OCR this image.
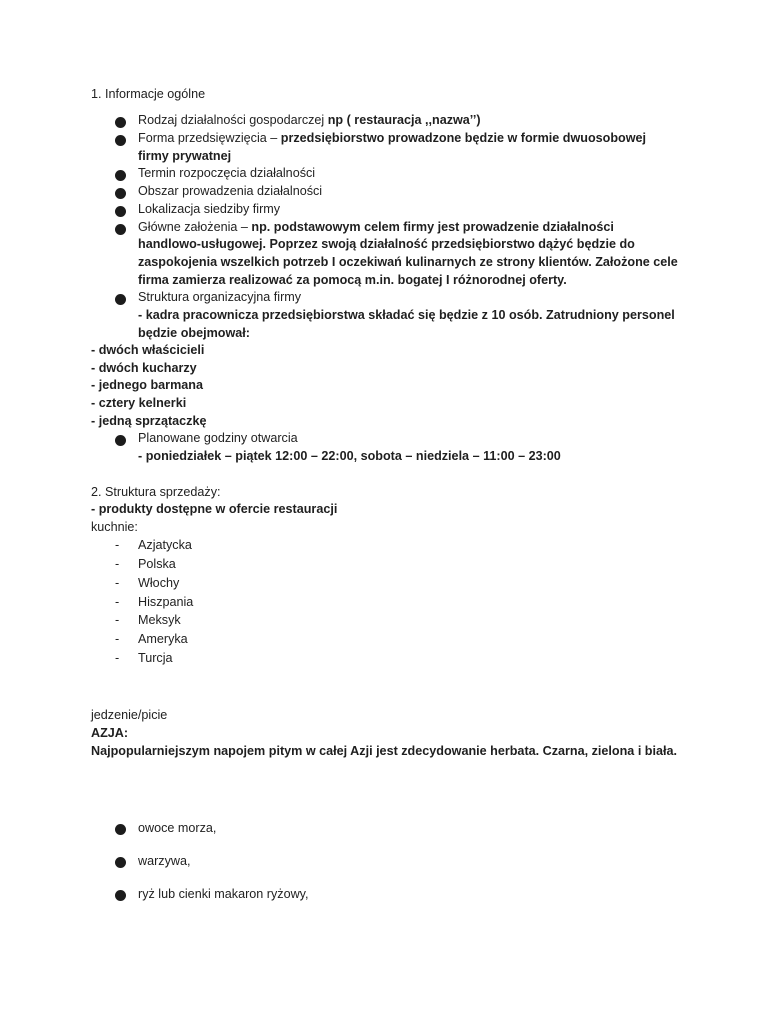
1. Informacje ogólne
Rodzaj działalności gospodarczej np ( restauracja ,,nazwa’’)
Forma przedsięwzięcia – przedsiębiorstwo prowadzone będzie w formie dwuosobowej
firmy prywatnej
Termin rozpoczęcia działalności
Obszar prowadzenia działalności
Lokalizacja siedziby firmy
Główne założenia – np. podstawowym celem firmy jest prowadzenie działalności
handlowo-usługowej. Poprzez swoją działalność przedsiębiorstwo dążyć będzie do
zaspokojenia wszelkich potrzeb I oczekiwań kulinarnych ze strony klientów. Założone cele
firma zamierza realizować za pomocą m.in. bogatej I różnorodnej oferty.
Struktura organizacyjna firmy
- kadra pracownicza przedsiębiorstwa składać się będzie z 10 osób. Zatrudniony personel
będzie obejmował:
- dwóch właścicieli
- dwóch kucharzy
- jednego barmana
- cztery kelnerki
- jedną sprzątaczkę
Planowane godziny otwarcia
- poniedziałek – piątek 12:00 – 22:00, sobota – niedziela – 11:00 – 23:00
2. Struktura sprzedaży:
- produkty dostępne w ofercie restauracji
kuchnie:
- Azjatycka
- Polska
- Włochy
- Hiszpania
- Meksyk
- Ameryka
- Turcja
jedzenie/picie
AZJA:
Najpopularniejszym napojem pitym w całej Azji jest zdecydowanie herbata. Czarna, zielona i biała.
owoce morza,
warzywa,
ryż lub cienki makaron ryżowy,
